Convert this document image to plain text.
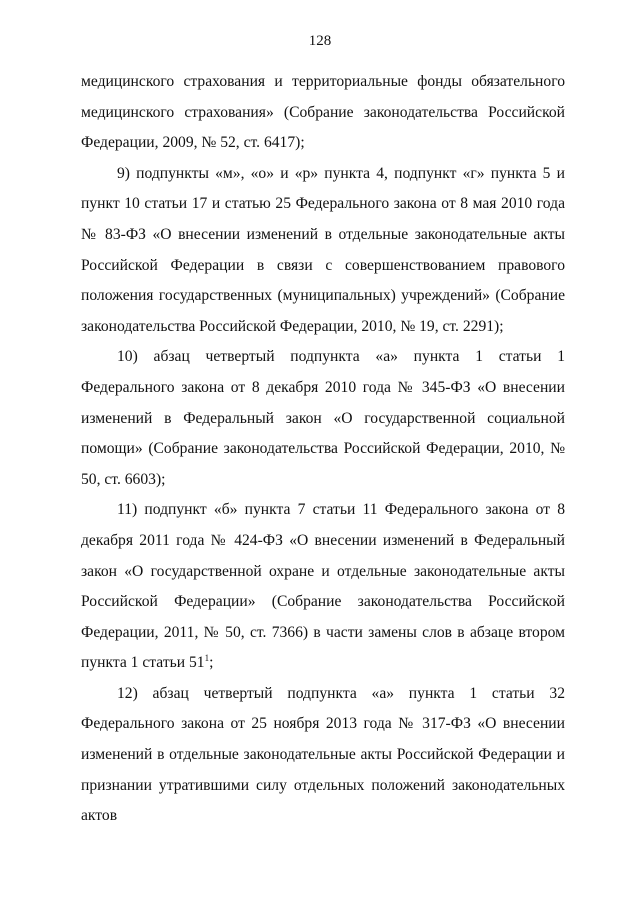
128

медицинского страхования и территориальные фонды обязательного медицинского страхования» (Собрание законодательства Российской Федерации, 2009, № 52, ст. 6417);

9) подпункты «м», «о» и «р» пункта 4, подпункт «г» пункта 5 и пункт 10 статьи 17 и статью 25 Федерального закона от 8 мая 2010 года № 83-ФЗ «О внесении изменений в отдельные законодательные акты Российской Федерации в связи с совершенствованием правового положения государственных (муниципальных) учреждений» (Собрание законодательства Российской Федерации, 2010, № 19, ст. 2291);

10) абзац четвертый подпункта «а» пункта 1 статьи 1 Федерального закона от 8 декабря 2010 года № 345-ФЗ «О внесении изменений в Федеральный закон «О государственной социальной помощи» (Собрание законодательства Российской Федерации, 2010, № 50, ст. 6603);

11) подпункт «б» пункта 7 статьи 11 Федерального закона от 8 декабря 2011 года № 424-ФЗ «О внесении изменений в Федеральный закон «О государственной охране и отдельные законодательные акты Российской Федерации» (Собрание законодательства Российской Федерации, 2011, № 50, ст. 7366) в части замены слов в абзаце втором пункта 1 статьи $51^1$;

12) абзац четвертый подпункта «а» пункта 1 статьи 32 Федерального закона от 25 ноября 2013 года № 317-ФЗ «О внесении изменений в отдельные законодательные акты Российской Федерации и признании утратившими силу отдельных положений законодательных актов
